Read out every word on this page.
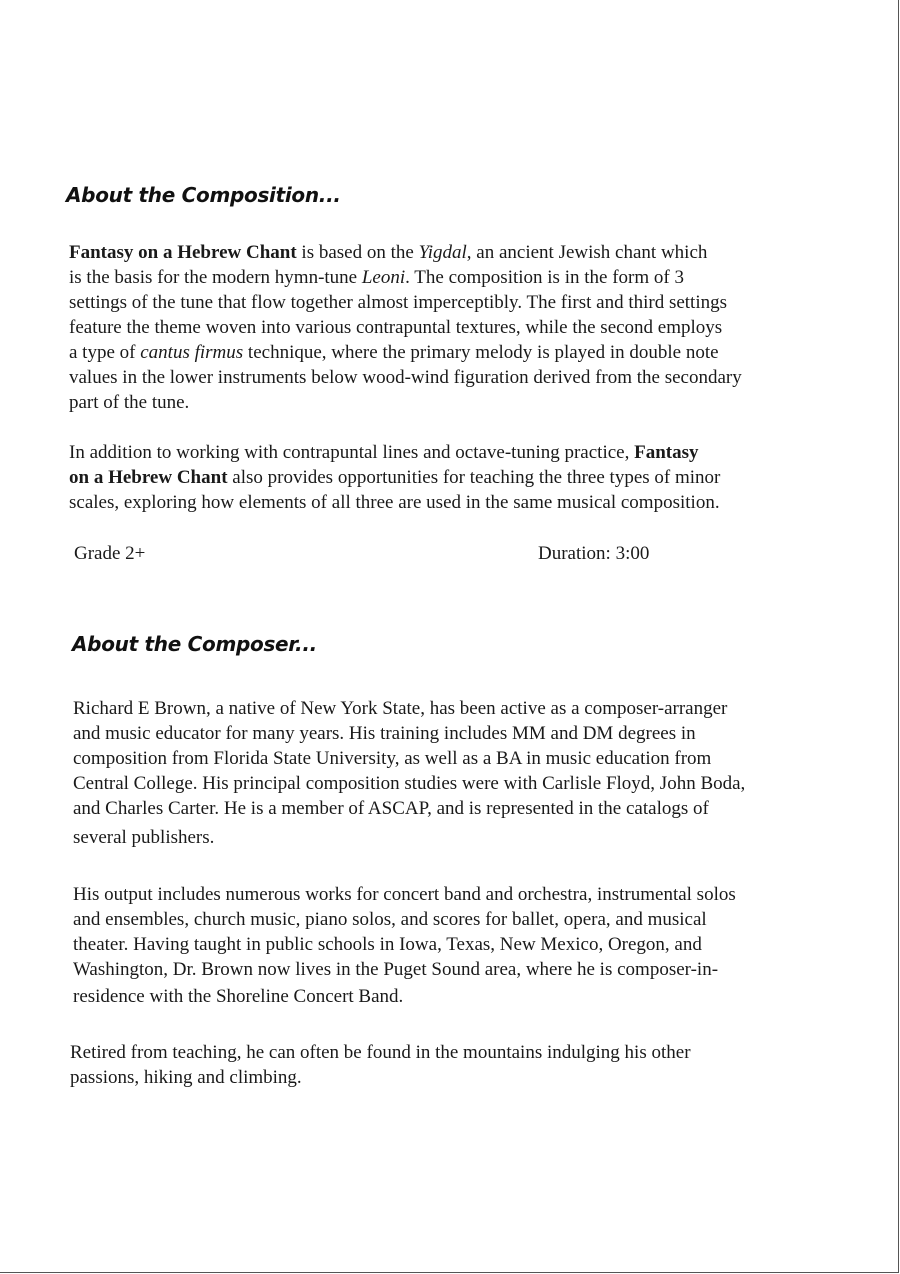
About the Composition...

Fantasy on a Hebrew Chant is based on the Yigdal, an ancient Jewish chant which
is the basis for the modern hymn-tune Leoni. The composition is in the form of 3
settings of the tune that flow together almost imperceptibly. The first and third settings
feature the theme woven into various contrapuntal textures, while the second employs
a type of cantus firmus technique, where the primary melody is played in double note
values in the lower instruments below wood-wind figuration derived from the secondary
part of the tune.

In addition to working with contrapuntal lines and octave-tuning practice, Fantasy
on a Hebrew Chant also provides opportunities for teaching the three types of minor
scales, exploring how elements of all three are used in the same musical composition.

Grade 2+	Duration: 3:00

About the Composer...

Richard E Brown, a native of New York State, has been active as a composer-arranger
and music educator for many years. His training includes MM and DM degrees in
composition from Florida State University, as well as a BA in music education from
Central College. His principal composition studies were with Carlisle Floyd, John Boda,
and Charles Carter. He is a member of ASCAP, and is represented in the catalogs of
several publishers.

His output includes numerous works for concert band and orchestra, instrumental solos
and ensembles, church music, piano solos, and scores for ballet, opera, and musical
theater. Having taught in public schools in Iowa, Texas, New Mexico, Oregon, and
Washington, Dr. Brown now lives in the Puget Sound area, where he is composer-in-
residence with the Shoreline Concert Band.

Retired from teaching, he can often be found in the mountains indulging his other
passions, hiking and climbing.
